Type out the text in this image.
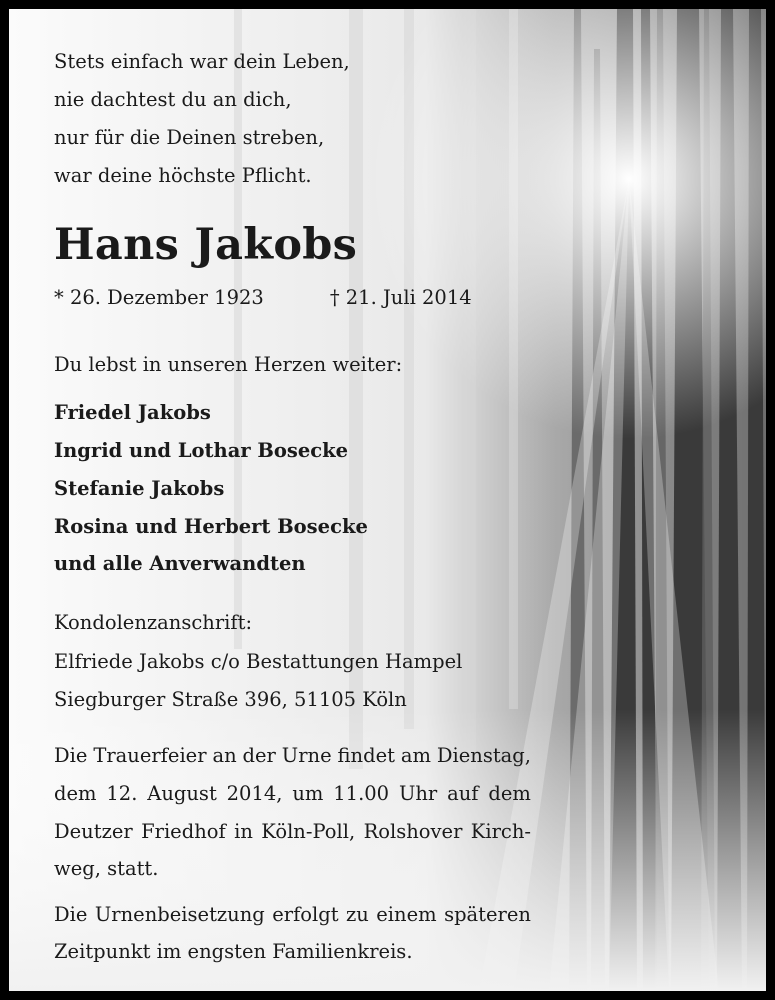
Stets einfach war dein Leben,
nie dachtest du an dich,
nur für die Deinen streben,
war deine höchste Pflicht.
Hans Jakobs
* 26. Dezember 1923	† 21. Juli 2014
Du lebst in unseren Herzen weiter:
Friedel Jakobs
Ingrid und Lothar Bosecke
Stefanie Jakobs
Rosina und Herbert Bosecke
und alle Anverwandten
Kondolenzanschrift:
Elfriede Jakobs c/o Bestattungen Hampel
Siegburger Straße 396, 51105 Köln
Die Trauerfeier an der Urne findet am Dienstag,
dem 12. August 2014, um 11.00 Uhr auf dem
Deutzer Friedhof in Köln-Poll, Rolshover Kirch-
weg, statt.
Die Urnenbeisetzung erfolgt zu einem späteren
Zeitpunkt im engsten Familienkreis.
